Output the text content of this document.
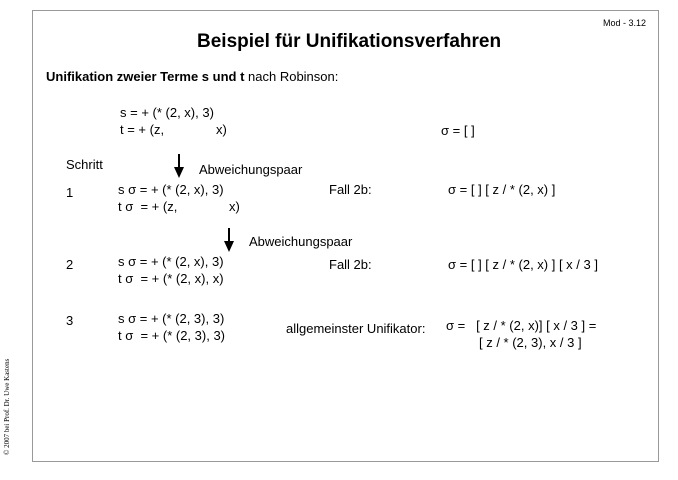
Mod - 3.12
Beispiel für Unifikationsverfahren
Unifikation zweier Terme s und t nach Robinson:
s = + (* (2, x), 3)
t = + (z,	x)	σ = [ ]
Schritt	Abweichungspaar
1	s σ = + (* (2, x), 3)
t σ  = + (z,	x)
Fall 2b:	σ = [ ] [ z / * (2, x) ]
Abweichungspaar
2	s σ = + (* (2, x), 3)
t σ  = + (* (2, x), x)
Fall 2b:	σ = [ ] [ z / * (2, x) ] [ x / 3 ]
3	s σ = + (* (2, 3), 3)
t σ  = + (* (2, 3), 3)	allgemeinster Unifikator: σ =   [ z / * (2, x)] [ x / 3 ] =
[ z / * (2, 3), x / 3 ]
© 2007 bei Prof. Dr. Uwe Kastens
